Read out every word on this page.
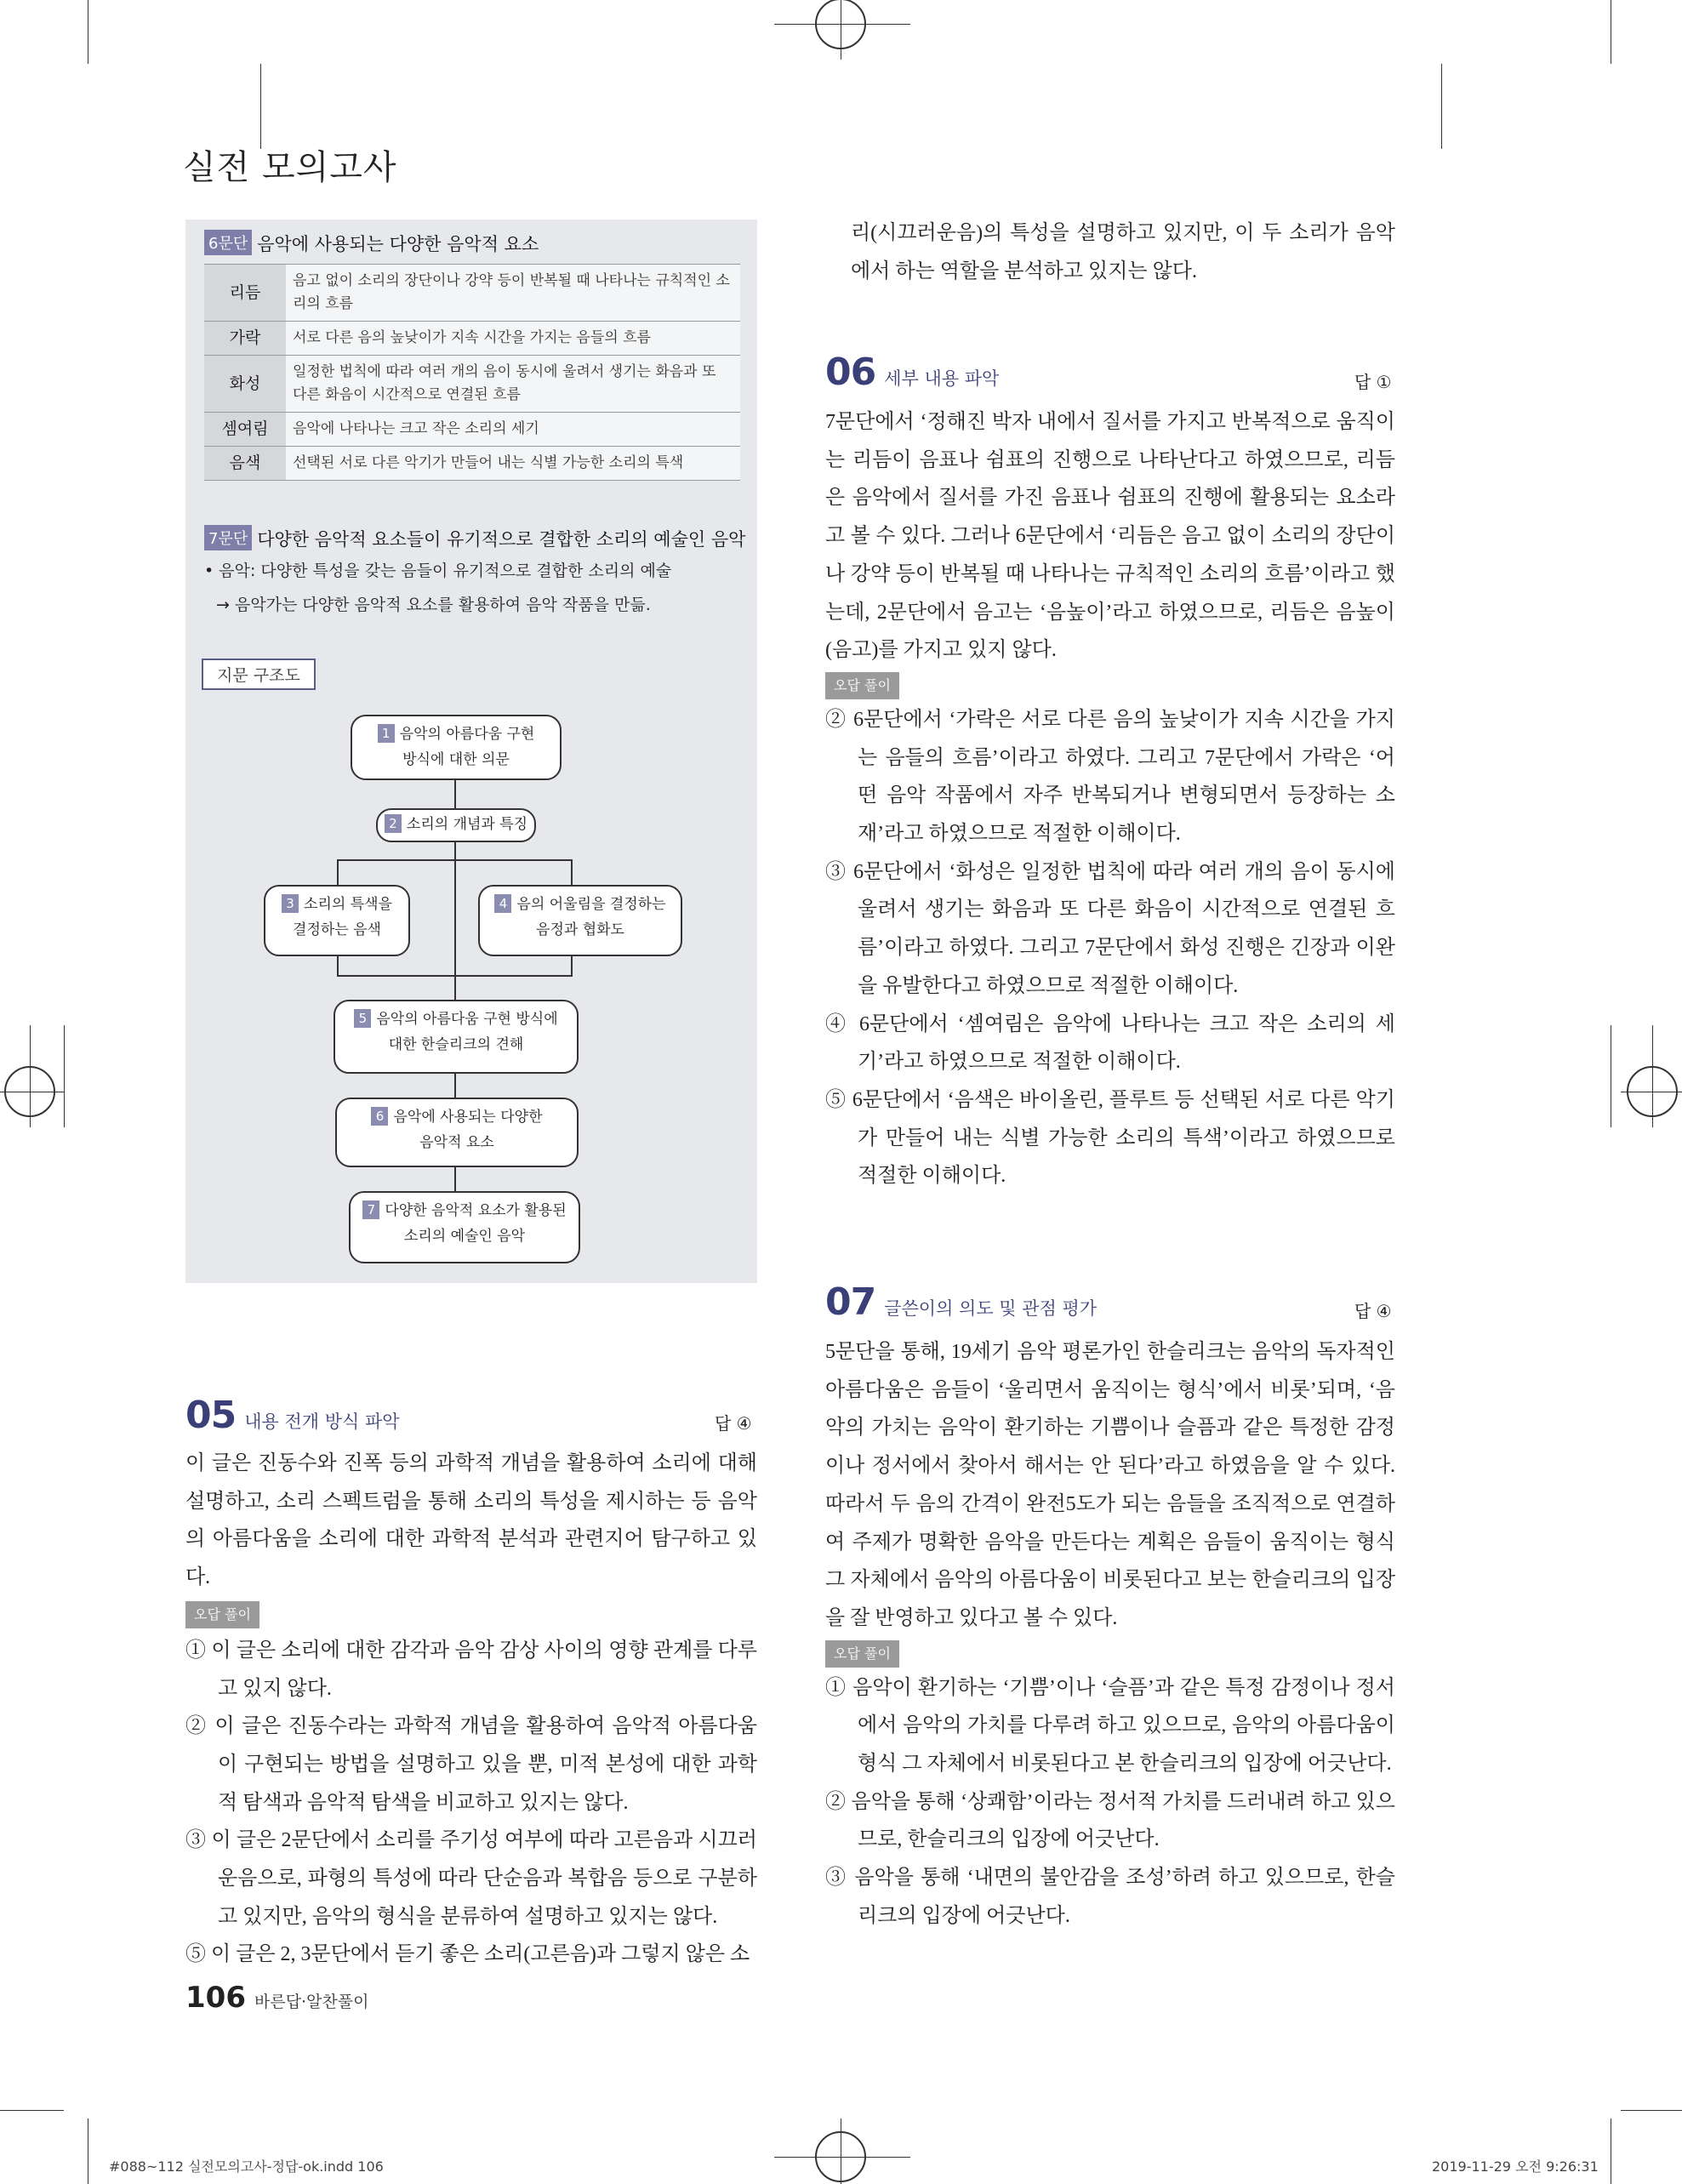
실전 모의고사
6문단 음악에 사용되는 다양한 음악적 요소
리듬	음고 없이 소리의 장단이나 강약 등이 반복될 때 나타나는 규칙적인 소리의 흐름
가락	서로 다른 음의 높낮이가 지속 시간을 가지는 음들의 흐름
화성	일정한 법칙에 따라 여러 개의 음이 동시에 울려서 생기는 화음과 또 다른 화음이 시간적으로 연결된 흐름
셈여림	음악에 나타나는 크고 작은 소리의 세기
음색	선택된 서로 다른 악기가 만들어 내는 식별 가능한 소리의 특색
7문단 다양한 음악적 요소들이 유기적으로 결합한 소리의 예술인 음악
• 음악: 다양한 특성을 갖는 음들이 유기적으로 결합한 소리의 예술
→ 음악가는 다양한 음악적 요소를 활용하여 음악 작품을 만듦.
지문 구조도
1 음악의 아름다움 구현
방식에 대한 의문
2 소리의 개념과 특징
3 소리의 특색을
결정하는 음색
4 음의 어울림을 결정하는
음정과 협화도
5 음악의 아름다움 구현 방식에
대한 한슬리크의 견해
6 음악에 사용되는 다양한
음악적 요소
7 다양한 음악적 요소가 활용된
소리의 예술인 음악
05 내용 전개 방식 파악	답 ④
이 글은 진동수와 진폭 등의 과학적 개념을 활용하여 소리에 대해 설명하고, 소리 스펙트럼을 통해 소리의 특성을 제시하는 등 음악의 아름다움을 소리에 대한 과학적 분석과 관련지어 탐구하고 있다.
오답 풀이
① 이 글은 소리에 대한 감각과 음악 감상 사이의 영향 관계를 다루고 있지 않다.
② 이 글은 진동수라는 과학적 개념을 활용하여 음악적 아름다움이 구현되는 방법을 설명하고 있을 뿐, 미적 본성에 대한 과학적 탐색과 음악적 탐색을 비교하고 있지는 않다.
③ 이 글은 2문단에서 소리를 주기성 여부에 따라 고른음과 시끄러운음으로, 파형의 특성에 따라 단순음과 복합음 등으로 구분하고 있지만, 음악의 형식을 분류하여 설명하고 있지는 않다.
⑤ 이 글은 2, 3문단에서 듣기 좋은 소리(고른음)과 그렇지 않은 소
리(시끄러운음)의 특성을 설명하고 있지만, 이 두 소리가 음악에서 하는 역할을 분석하고 있지는 않다.
06 세부 내용 파악	답 ①
7문단에서 ‘정해진 박자 내에서 질서를 가지고 반복적으로 움직이는 리듬이 음표나 쉼표의 진행으로 나타난다고 하였으므로, 리듬은 음악에서 질서를 가진 음표나 쉼표의 진행에 활용되는 요소라고 볼 수 있다. 그러나 6문단에서 ‘리듬은 음고 없이 소리의 장단이나 강약 등이 반복될 때 나타나는 규칙적인 소리의 흐름’이라고 했는데, 2문단에서 음고는 ‘음높이’라고 하였으므로, 리듬은 음높이(음고)를 가지고 있지 않다.
오답 풀이
② 6문단에서 ‘가락은 서로 다른 음의 높낮이가 지속 시간을 가지는 음들의 흐름’이라고 하였다. 그리고 7문단에서 가락은 ‘어떤 음악 작품에서 자주 반복되거나 변형되면서 등장하는 소재’라고 하였으므로 적절한 이해이다.
③ 6문단에서 ‘화성은 일정한 법칙에 따라 여러 개의 음이 동시에 울려서 생기는 화음과 또 다른 화음이 시간적으로 연결된 흐름’이라고 하였다. 그리고 7문단에서 화성 진행은 긴장과 이완을 유발한다고 하였으므로 적절한 이해이다.
④ 6문단에서 ‘셈여림은 음악에 나타나는 크고 작은 소리의 세기’라고 하였으므로 적절한 이해이다.
⑤ 6문단에서 ‘음색은 바이올린, 플루트 등 선택된 서로 다른 악기가 만들어 내는 식별 가능한 소리의 특색’이라고 하였으므로 적절한 이해이다.
07 글쓴이의 의도 및 관점 평가	답 ④
5문단을 통해, 19세기 음악 평론가인 한슬리크는 음악의 독자적인 아름다움은 음들이 ‘울리면서 움직이는 형식’에서 비롯’되며, ‘음악의 가치는 음악이 환기하는 기쁨이나 슬픔과 같은 특정한 감정이나 정서에서 찾아서 해서는 안 된다’라고 하였음을 알 수 있다. 따라서 두 음의 간격이 완전5도가 되는 음들을 조직적으로 연결하여 주제가 명확한 음악을 만든다는 계획은 음들이 움직이는 형식 그 자체에서 음악의 아름다움이 비롯된다고 보는 한슬리크의 입장을 잘 반영하고 있다고 볼 수 있다.
오답 풀이
① 음악이 환기하는 ‘기쁨’이나 ‘슬픔’과 같은 특정 감정이나 정서에서 음악의 가치를 다루려 하고 있으므로, 음악의 아름다움이 형식 그 자체에서 비롯된다고 본 한슬리크의 입장에 어긋난다.
② 음악을 통해 ‘상쾌함’이라는 정서적 가치를 드러내려 하고 있으므로, 한슬리크의 입장에 어긋난다.
③ 음악을 통해 ‘내면의 불안감을 조성’하려 하고 있으므로, 한슬리크의 입장에 어긋난다.
106 바른답·알찬풀이
#088~112 실전모의고사-정답-ok.indd 106	2019-11-29 오전 9:26:31
